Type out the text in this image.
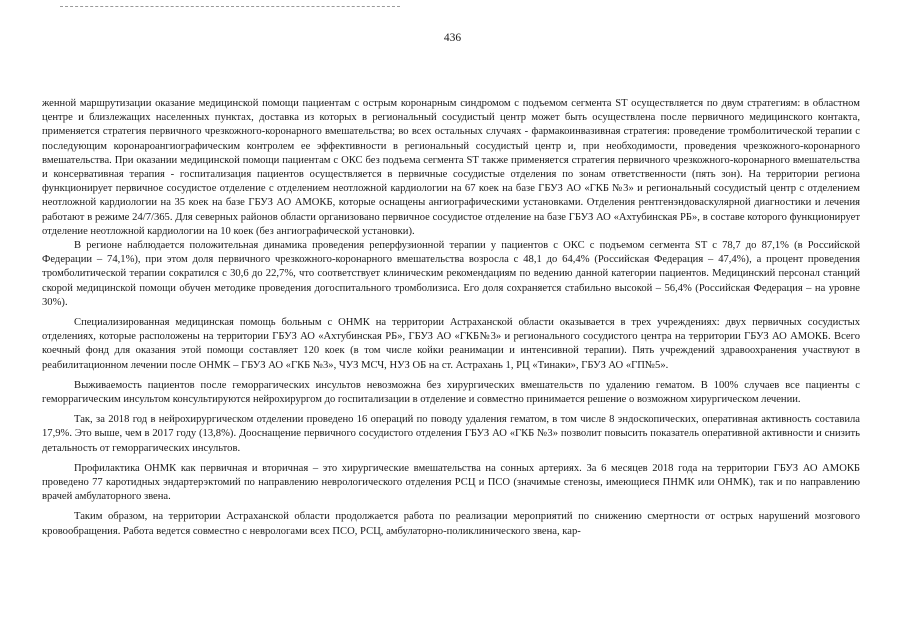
436

женной маршрутизации оказание медицинской помощи пациентам с острым коронарным синдромом с подъемом сегмента ST осуществляется по двум стратегиям: в областном центре и близлежащих населенных пунктах, доставка из которых в региональный сосудистый центр может быть осуществлена после первичного медицинского контакта, применяется стратегия первичного чрезкожного-коронарного вмешательства; во всех остальных случаях - фармакоинвазивная стратегия: проведение тромболитической терапии с последующим коронароангиографическим контролем ее эффективности в региональный сосудистый центр и, при необходимости, проведения чрезкожного-коронарного вмешательства. При оказании медицинской помощи пациентам с ОКС без подъема сегмента ST также применяется стратегия первичного чрезкожного-коронарного вмешательства и консервативная терапия - госпитализация пациентов осуществляется в первичные сосудистые отделения по зонам ответственности (пять зон). На территории региона функционирует первичное сосудистое отделение с отделением неотложной кардиологии на 67 коек на базе ГБУЗ АО «ГКБ №3» и региональный сосудистый центр с отделением неотложной кардиологии на 35 коек на базе ГБУЗ АО АМОКБ, которые оснащены ангиографическими установками. Отделения рентгенэндоваскулярной диагностики и лечения работают в режиме 24/7/365. Для северных районов области организовано первичное сосудистое отделение на базе ГБУЗ АО «Ахтубинская РБ», в составе которого функционирует отделение неотложной кардиологии на 10 коек (без ангиографической установки).

В регионе наблюдается положительная динамика проведения реперфузионной терапии у пациентов с ОКС с подъемом сегмента ST с 78,7 до 87,1% (в Российской Федерации – 74,1%), при этом доля первичного чрезкожного-коронарного вмешательства возросла с 48,1 до 64,4% (Российская Федерация – 47,4%), а процент проведения тромболитической терапии сократился с 30,6 до 22,7%, что соответствует клиническим рекомендациям по ведению данной категории пациентов. Медицинский персонал станций скорой медицинской помощи обучен методике проведения догоспитального тромболизиса. Его доля сохраняется стабильно высокой – 56,4% (Российская Федерация – на уровне 30%).

Специализированная медицинская помощь больным с ОНМК на территории Астраханской области оказывается в трех учреждениях: двух первичных сосудистых отделениях, которые расположены на территории ГБУЗ АО «Ахтубинская РБ», ГБУЗ АО «ГКБ№3» и регионального сосудистого центра на территории ГБУЗ АО АМОКБ. Всего коечный фонд для оказания этой помощи составляет 120 коек (в том числе койки реанимации и интенсивной терапии). Пять учреждений здравоохранения участвуют в реабилитационном лечении после ОНМК – ГБУЗ АО «ГКБ №3», ЧУЗ МСЧ, НУЗ ОБ на ст. Астрахань 1, РЦ «Тинаки», ГБУЗ АО «ГП№5».

Выживаемость пациентов после геморрагических инсультов невозможна без хирургических вмешательств по удалению гематом. В 100% случаев все пациенты с геморрагическим инсультом консультируются нейрохирургом до госпитализации в отделение и совместно принимается решение о возможном хирургическом лечении.

Так, за 2018 год в нейрохирургическом отделении проведено 16 операций по поводу удаления гематом, в том числе 8 эндоскопических, оперативная активность составила 17,9%. Это выше, чем в 2017 году (13,8%). Дооснащение первичного сосудистого отделения ГБУЗ АО «ГКБ №3» позволит повысить показатель оперативной активности и снизить детальность от геморрагических инсультов.

Профилактика ОНМК как первичная и вторичная – это хирургические вмешательства на сонных артериях. За 6 месяцев 2018 года на территории ГБУЗ АО АМОКБ проведено 77 каротидных эндартерэктомий по направлению неврологического отделения РСЦ и ПСО (значимые стенозы, имеющиеся ПНМК или ОНМК), так и по направлению врачей амбулаторного звена.

Таким образом, на территории Астраханской области продолжается работа по реализации мероприятий по снижению смертности от острых нарушений мозгового кровообращения. Работа ведется совместно с неврологами всех ПСО, РСЦ, амбулаторно-поликлинического звена, кар-
